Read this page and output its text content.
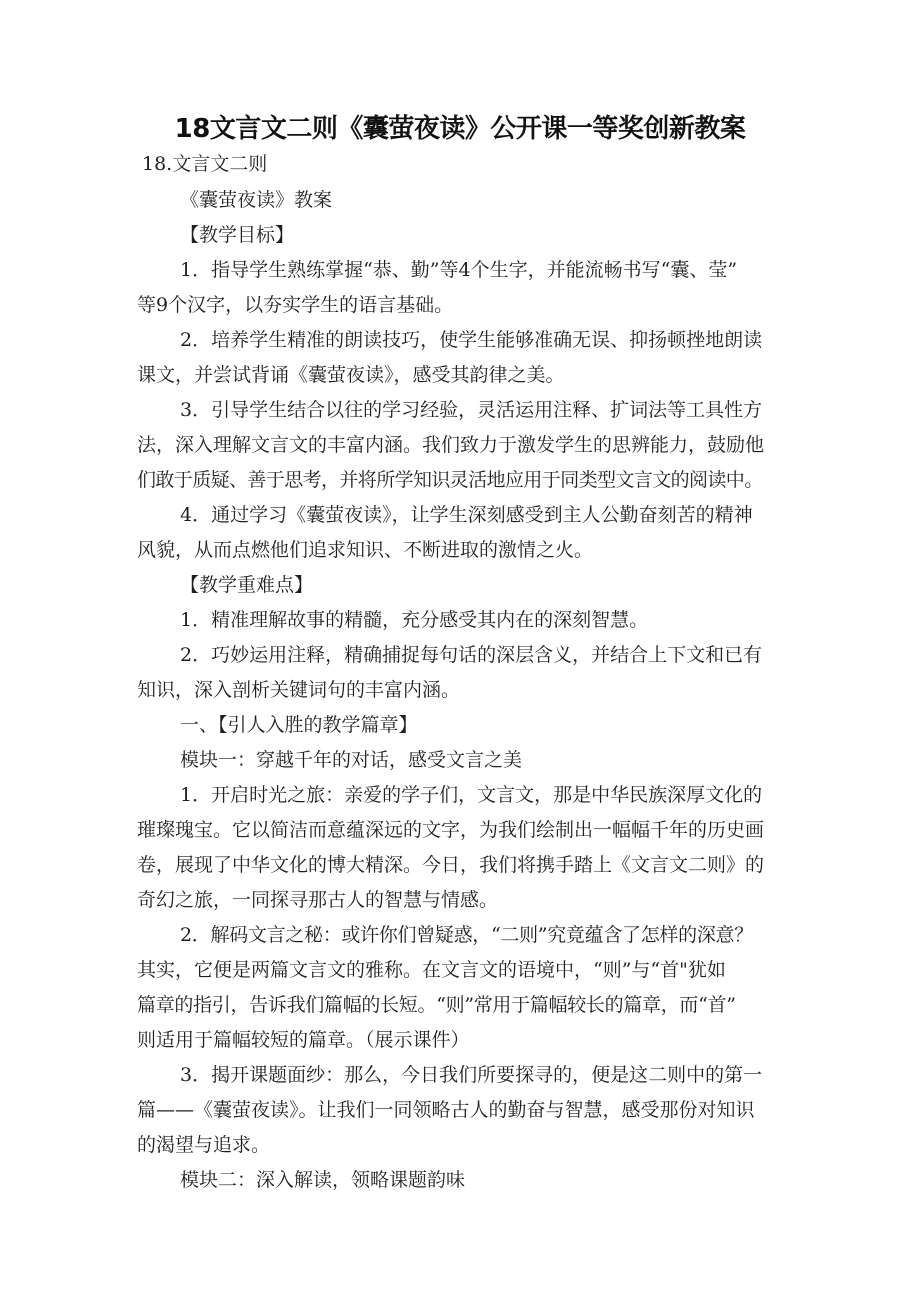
18文言文二则《囊萤夜读》公开课一等奖创新教案
18.文言文二则
《囊萤夜读》教案
【教学目标】
1．指导学生熟练掌握“恭、勤”等4个生字，并能流畅书写“囊、莹”
等9个汉字，以夯实学生的语言基础。
2．培养学生精准的朗读技巧，使学生能够准确无误、抑扬顿挫地朗读
课文，并尝试背诵《囊萤夜读》，感受其韵律之美。
3．引导学生结合以往的学习经验，灵活运用注释、扩词法等工具性方
法，深入理解文言文的丰富内涵。我们致力于激发学生的思辨能力，鼓励他
们敢于质疑、善于思考，并将所学知识灵活地应用于同类型文言文的阅读中。
4．通过学习《囊萤夜读》，让学生深刻感受到主人公勤奋刻苦的精神
风貌，从而点燃他们追求知识、不断进取的激情之火。
【教学重难点】
1．精准理解故事的精髓，充分感受其内在的深刻智慧。
2．巧妙运用注释，精确捕捉每句话的深层含义，并结合上下文和已有
知识，深入剖析关键词句的丰富内涵。
一、【引人入胜的教学篇章】
模块一：穿越千年的对话，感受文言之美
1．开启时光之旅：亲爱的学子们，文言文，那是中华民族深厚文化的
璀璨瑰宝。它以简洁而意蕴深远的文字，为我们绘制出一幅幅千年的历史画
卷，展现了中华文化的博大精深。今日，我们将携手踏上《文言文二则》的
奇幻之旅，一同探寻那古人的智慧与情感。
2．解码文言之秘：或许你们曾疑惑，“二则”究竟蕴含了怎样的深意？
其实，它便是两篇文言文的雅称。在文言文的语境中，“则”与“首"犹如
篇章的指引，告诉我们篇幅的长短。“则”常用于篇幅较长的篇章，而“首”
则适用于篇幅较短的篇章。（展示课件）
3．揭开课题面纱：那么，今日我们所要探寻的，便是这二则中的第一
篇——《囊萤夜读》。让我们一同领略古人的勤奋与智慧，感受那份对知识
的渴望与追求。
模块二：深入解读，领略课题韵味
